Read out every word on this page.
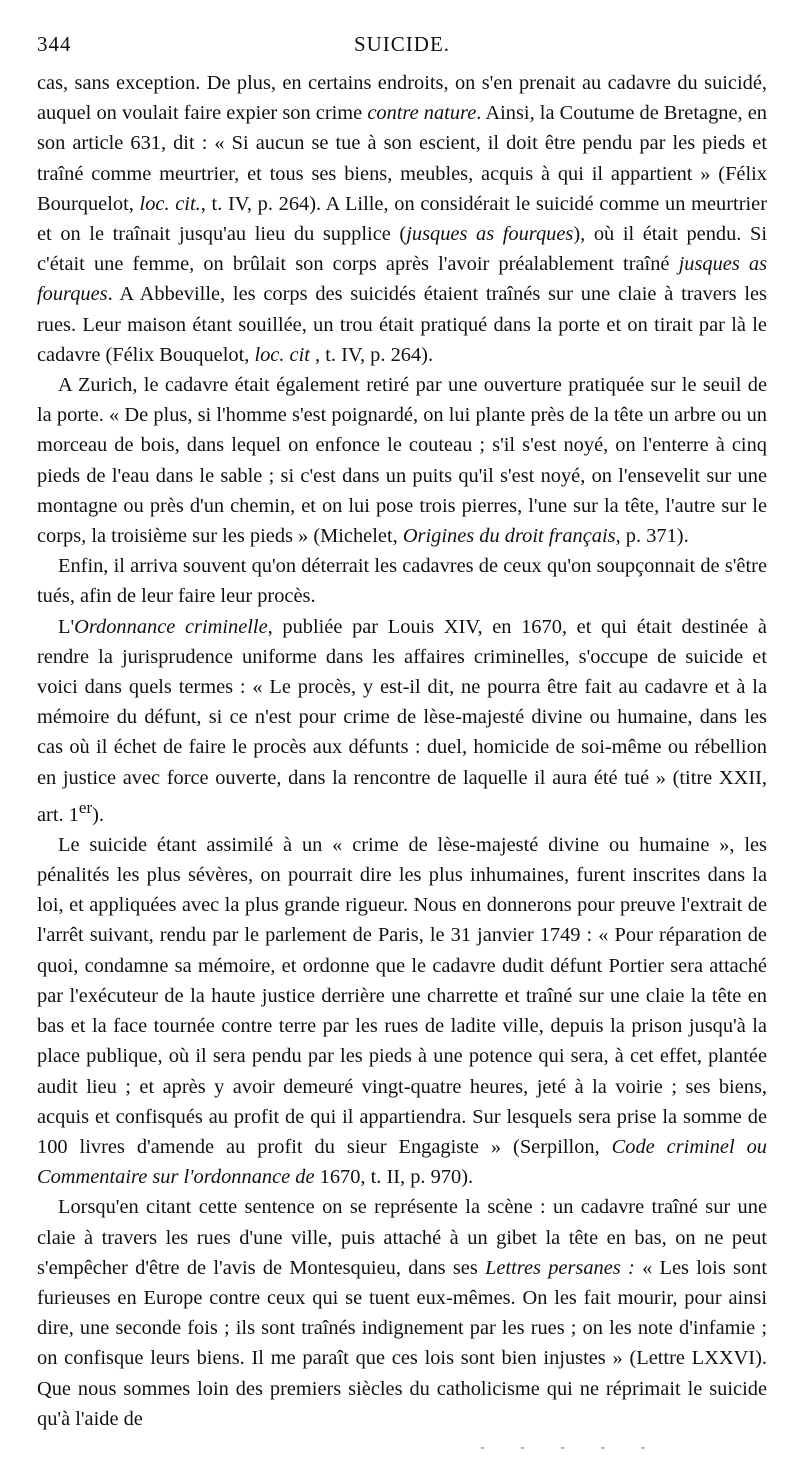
344	SUICIDE.

cas, sans exception. De plus, en certains endroits, on s'en prenait au cadavre du suicidé, auquel on voulait faire expier son crime contre nature. Ainsi, la Coutume de Bretagne, en son article 631, dit : « Si aucun se tue à son escient, il doit être pendu par les pieds et traîné comme meurtrier, et tous ses biens, meubles, acquis à qui il appartient » (Félix Bourquelot, loc. cit., t. IV, p. 264). A Lille, on considérait le suicidé comme un meurtrier et on le traînait jusqu'au lieu du supplice (jusques as fourques), où il était pendu. Si c'était une femme, on brûlait son corps après l'avoir préalablement traîné jusques as fourques. A Abbeville, les corps des suicidés étaient traînés sur une claie à travers les rues. Leur maison étant souillée, un trou était pratiqué dans la porte et on tirait par là le cadavre (Félix Bouquelot, loc. cit , t. IV, p. 264).

A Zurich, le cadavre était également retiré par une ouverture pratiquée sur le seuil de la porte. « De plus, si l'homme s'est poignardé, on lui plante près de la tête un arbre ou un morceau de bois, dans lequel on enfonce le couteau ; s'il s'est noyé, on l'enterre à cinq pieds de l'eau dans le sable ; si c'est dans un puits qu'il s'est noyé, on l'ensevelit sur une montagne ou près d'un chemin, et on lui pose trois pierres, l'une sur la tête, l'autre sur le corps, la troisième sur les pieds » (Michelet, Origines du droit français, p. 371).

Enfin, il arriva souvent qu'on déterrait les cadavres de ceux qu'on soupçonnait de s'être tués, afin de leur faire leur procès.

L'Ordonnance criminelle, publiée par Louis XIV, en 1670, et qui était destinée à rendre la jurisprudence uniforme dans les affaires criminelles, s'occupe de suicide et voici dans quels termes : « Le procès, y est-il dit, ne pourra être fait au cadavre et à la mémoire du défunt, si ce n'est pour crime de lèse-majesté divine ou humaine, dans les cas où il échet de faire le procès aux défunts : duel, homicide de soi-même ou rébellion en justice avec force ouverte, dans la rencontre de laquelle il aura été tué » (titre XXII, art. 1er).

Le suicide étant assimilé à un « crime de lèse-majesté divine ou humaine », les pénalités les plus sévères, on pourrait dire les plus inhumaines, furent inscrites dans la loi, et appliquées avec la plus grande rigueur. Nous en donnerons pour preuve l'extrait de l'arrêt suivant, rendu par le parlement de Paris, le 31 janvier 1749 : « Pour réparation de quoi, condamne sa mémoire, et ordonne que le cadavre dudit défunt Portier sera attaché par l'exécuteur de la haute justice derrière une charrette et traîné sur une claie la tête en bas et la face tournée contre terre par les rues de ladite ville, depuis la prison jusqu'à la place publique, où il sera pendu par les pieds à une potence qui sera, à cet effet, plantée audit lieu ; et après y avoir demeuré vingt-quatre heures, jeté à la voirie ; ses biens, acquis et confisqués au profit de qui il appartiendra. Sur lesquels sera prise la somme de 100 livres d'amende au profit du sieur Engagiste » (Serpillon, Code criminel ou Commentaire sur l'ordonnance de 1670, t. II, p. 970).

Lorsqu'en citant cette sentence on se représente la scène : un cadavre traîné sur une claie à travers les rues d'une ville, puis attaché à un gibet la tête en bas, on ne peut s'empêcher d'être de l'avis de Montesquieu, dans ses Lettres persanes : « Les lois sont furieuses en Europe contre ceux qui se tuent eux-mêmes. On les fait mourir, pour ainsi dire, une seconde fois ; ils sont traînés indignement par les rues ; on les note d'infamie ; on confisque leurs biens. Il me paraît que ces lois sont bien injustes » (Lettre LXXVI). Que nous sommes loin des premiers siècles du catholicisme qui ne réprimait le suicide qu'à l'aide de

- - - - -
